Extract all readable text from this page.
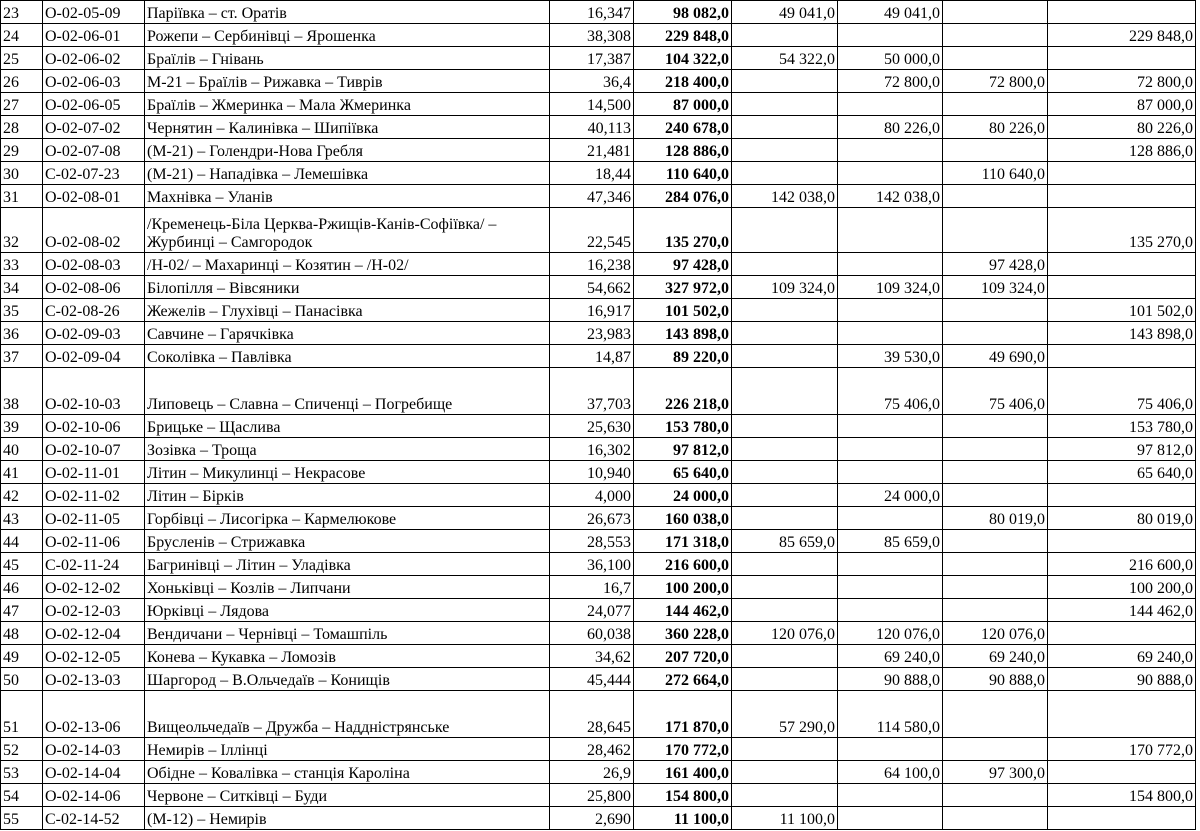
23	О-02-05-09	Паріївка – ст. Оратів	16,347	98 082,0	49 041,0	49 041,0		
24	О-02-06-01	Рожепи – Сербинівці – Ярошенка	38,308	229 848,0				229 848,0
25	О-02-06-02	Браїлів – Гнівань	17,387	104 322,0	54 322,0	50 000,0		
26	О-02-06-03	М-21 – Браїлів – Рижавка – Тиврів	36,4	218 400,0		72 800,0	72 800,0	72 800,0
27	О-02-06-05	Браїлів – Жмеринка – Мала Жмеринка	14,500	87 000,0				87 000,0
28	О-02-07-02	Чернятин – Калинівка – Шипіївка	40,113	240 678,0		80 226,0	80 226,0	80 226,0
29	О-02-07-08	(М-21) – Голендри-Нова Гребля	21,481	128 886,0				128 886,0
30	С-02-07-23	(М-21) – Нападівка – Лемешівка	18,44	110 640,0			110 640,0	
31	О-02-08-01	Махнівка – Уланів	47,346	284 076,0	142 038,0	142 038,0		
32	О-02-08-02	/Кременець-Біла Церква-Ржищів-Канів-Софіївка/ – Журбинці – Самгородок	22,545	135 270,0				135 270,0
33	О-02-08-03	/Н-02/ – Махаринці – Козятин – /Н-02/	16,238	97 428,0			97 428,0	
34	О-02-08-06	Білопілля – Вівсяники	54,662	327 972,0	109 324,0	109 324,0	109 324,0	
35	С-02-08-26	Жежелів – Глухівці – Панасівка	16,917	101 502,0				101 502,0
36	О-02-09-03	Савчине – Гарячківка	23,983	143 898,0				143 898,0
37	О-02-09-04	Соколівка – Павлівка	14,87	89 220,0		39 530,0	49 690,0	
38	О-02-10-03	Липовець – Славна – Спиченці – Погребище	37,703	226 218,0		75 406,0	75 406,0	75 406,0
39	О-02-10-06	Брицьке – Щаслива	25,630	153 780,0				153 780,0
40	О-02-10-07	Зозівка – Троща	16,302	97 812,0				97 812,0
41	О-02-11-01	Літин – Микулинці – Некрасове	10,940	65 640,0				65 640,0
42	О-02-11-02	Літин – Бірків	4,000	24 000,0		24 000,0		
43	О-02-11-05	Горбівці – Лисогірка – Кармелюкове	26,673	160 038,0			80 019,0	80 019,0
44	О-02-11-06	Брусленів – Стрижавка	28,553	171 318,0	85 659,0	85 659,0		
45	С-02-11-24	Багринівці – Літин – Уладівка	36,100	216 600,0				216 600,0
46	О-02-12-02	Хоньківці – Козлів – Липчани	16,7	100 200,0				100 200,0
47	О-02-12-03	Юрківці – Лядова	24,077	144 462,0				144 462,0
48	О-02-12-04	Вендичани – Чернівці – Томашпіль	60,038	360 228,0	120 076,0	120 076,0	120 076,0	
49	О-02-12-05	Конева – Кукавка – Ломозів	34,62	207 720,0		69 240,0	69 240,0	69 240,0
50	О-02-13-03	Шаргород – В.Ольчедаїв – Конищів	45,444	272 664,0		90 888,0	90 888,0	90 888,0
51	О-02-13-06	Вищеольчедаїв – Дружба – Наддністрянське	28,645	171 870,0	57 290,0	114 580,0		
52	О-02-14-03	Немирів – Іллінці	28,462	170 772,0				170 772,0
53	О-02-14-04	Обідне – Ковалівка – станція Кароліна	26,9	161 400,0		64 100,0	97 300,0	
54	О-02-14-06	Червоне – Ситківці – Буди	25,800	154 800,0				154 800,0
55	С-02-14-52	(М-12) – Немирів	2,690	11 100,0	11 100,0			
